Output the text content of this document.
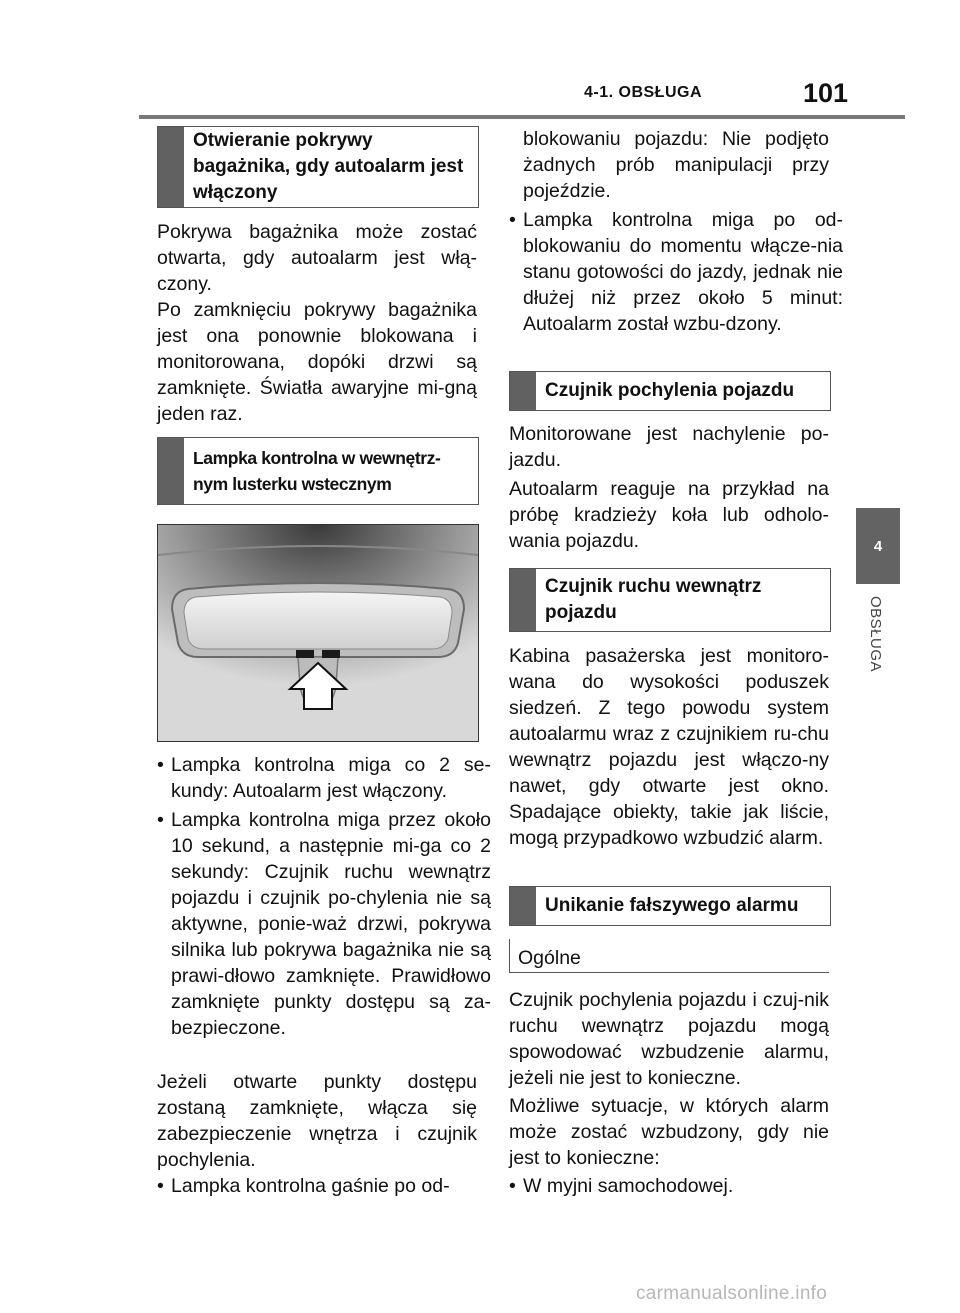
4-1. OBSŁUGA	101
4
OBSŁUGA
Otwieranie pokrywy bagażnika, gdy autoalarm jest włączony
Pokrywa bagażnika może zostać otwarta, gdy autoalarm jest włą-czony.
Po zamknięciu pokrywy bagażnika jest ona ponownie blokowana i monitorowana, dopóki drzwi są zamknięte. Światła awaryjne mi-gną jeden raz.
Lampka kontrolna w wewnętrz-nym lusterku wstecznym
• Lampka kontrolna miga co 2 se-kundy: Autoalarm jest włączony.
• Lampka kontrolna miga przez około 10 sekund, a następnie mi-ga co 2 sekundy: Czujnik ruchu wewnątrz pojazdu i czujnik po-chylenia nie są aktywne, ponie-waż drzwi, pokrywa silnika lub pokrywa bagażnika nie są prawi-dłowo zamknięte. Prawidłowo zamknięte punkty dostępu są za-bezpieczone.
Jeżeli otwarte punkty dostępu zostaną zamknięte, włącza się zabezpieczenie wnętrza i czujnik pochylenia.
• Lampka kontrolna gaśnie po od-
blokowaniu pojazdu: Nie podjęto żadnych prób manipulacji przy pojeździe.
• Lampka kontrolna miga po od-blokowaniu do momentu włącze-nia stanu gotowości do jazdy, jednak nie dłużej niż przez około 5 minut: Autoalarm został wzbu-dzony.
Czujnik pochylenia pojazdu
Monitorowane jest nachylenie po-jazdu.
Autoalarm reaguje na przykład na próbę kradzieży koła lub odholo-wania pojazdu.
Czujnik ruchu wewnątrz pojazdu
Kabina pasażerska jest monitoro-wana do wysokości poduszek siedzeń. Z tego powodu system autoalarmu wraz z czujnikiem ru-chu wewnątrz pojazdu jest włączo-ny nawet, gdy otwarte jest okno. Spadające obiekty, takie jak liście, mogą przypadkowo wzbudzić alarm.
Unikanie fałszywego alarmu
Ogólne
Czujnik pochylenia pojazdu i czuj-nik ruchu wewnątrz pojazdu mogą spowodować wzbudzenie alarmu, jeżeli nie jest to konieczne.
Możliwe sytuacje, w których alarm może zostać wzbudzony, gdy nie jest to konieczne:
• W myjni samochodowej.
carmanualsonline.info
